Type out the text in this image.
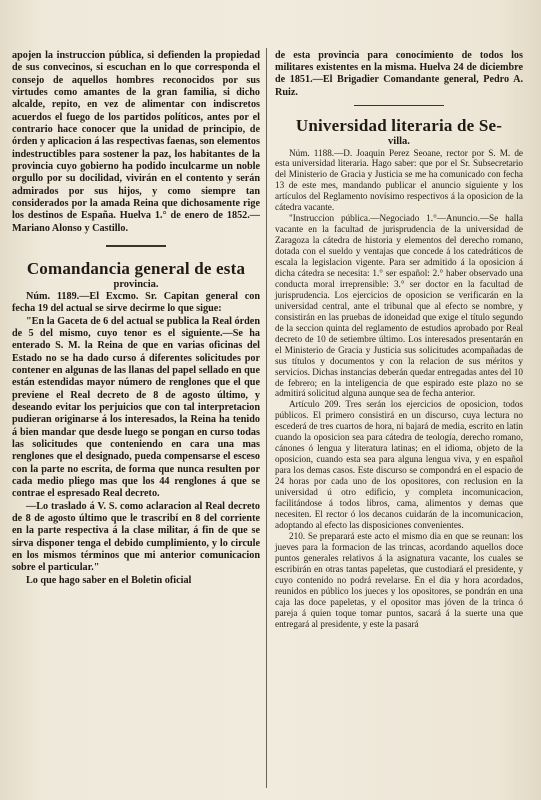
apojen la instruccion pública, si defienden la propiedad de sus convecinos, si escuchan en lo que corresponda el consejo de aquellos hombres reconocidos por sus virtudes como amantes de la gran familia, si dicho alcalde, repito, en vez de alimentar con indiscretos acuerdos el fuego de los partidos políticos, antes por el contrario hace conocer que la unidad de principio, de órden y aplicacion á las respectivas faenas, son elementos indestructibles para sostener la paz, los habitantes de la provincia cuyo gobierno ha podido inculcarme un noble orgullo por su docilidad, vivirán en el contento y serán admirados por sus hijos, y como siempre tan considerados por la amada Reina que dichosamente rige los destinos de España. Huelva 1.° de enero de 1852.—Mariano Alonso y Castillo.

Comandancia general de esta

provincia.

Núm. 1189.—El Excmo. Sr. Capitan general con fecha 19 del actual se sirve decirme lo que sigue:

"En la Gaceta de 6 del actual se publica la Real órden de 5 del mismo, cuyo tenor es el siguiente.—Se ha enterado S. M. la Reina de que en varias oficinas del Estado no se ha dado curso á diferentes solicitudes por contener en algunas de las llanas del papel sellado en que están estendidas mayor número de renglones que el que previene el Real decreto de 8 de agosto último, y deseando evitar los perjuicios que con tal interpretacion pudieran originarse á los interesados, la Reina ha tenido á bien mandar que desde luego se pongan en curso todas las solicitudes que conteniendo en cara una mas renglones que el designado, pueda compensarse el esceso con la parte no escrita, de forma que nunca resulten por cada medio pliego mas que los 44 renglones á que se contrae el espresado Real decreto.

—Lo traslado á V. S. como aclaracion al Real decreto de 8 de agosto último que le trascribí en 8 del corriente en la parte respectiva á la clase militar, á fin de que se sirva disponer tenga el debido cumplimiento, y lo circule en los mismos términos que mi anterior comunicacion sobre el particular."

Lo que hago saber en el Boletin oficial

de esta provincia para conocimiento de todos los militares existentes en la misma. Huelva 24 de diciembre de 1851.—El Brigadier Comandante general, Pedro A. Ruiz.

Universidad literaria de Se-

villa.

Núm. 1188.—D. Joaquin Perez Seoane, rector por S. M. de esta universidad literaria. Hago saber: que por el Sr. Subsecretario del Ministerio de Gracia y Justicia se me ha comunicado con fecha 13 de este mes, mandando publicar el anuncio siguiente y los artículos del Reglamento novísimo respectivos á la oposicion de la cátedra vacante.

"Instruccion pública.—Negociado 1.°—Anuncio.—Se halla vacante en la facultad de jurisprudencia de la universidad de Zaragoza la cátedra de historia y elementos del derecho romano, dotada con el sueldo y ventajas que concede á los catedráticos de escala la legislacion vigente. Para ser admitido á la oposicion á dicha cátedra se necesita: 1.° ser español: 2.° haber observado una conducta moral irreprensible: 3.° ser doctor en la facultad de jurisprudencia. Los ejercicios de oposicion se verificarán en la universidad central, ante el tribunal que al efecto se nombre, y consistirán en las pruebas de idoneidad que exige el título segundo de la seccion quinta del reglamento de estudios aprobado por Real decreto de 10 de setiembre último. Los interesados presentarán en el Ministerio de Gracia y Justicia sus solicitudes acompañadas de sus títulos y documentos y con la relacion de sus méritos y servicios. Dichas instancias deberán quedar entregadas antes del 10 de febrero; en la inteligencia de que espirado este plazo no se admitirá solicitud alguna aunque sea de fecha anterior.

Artículo 209. Tres serán los ejercicios de oposicion, todos públicos. El primero consistirá en un discurso, cuya lectura no escederá de tres cuartos de hora, ni bajará de media, escrito en latin cuando la oposicion sea para cátedra de teología, derecho romano, cánones ó lengua y literatura latinas; en el idioma, objeto de la oposicion, cuando esta sea para alguna lengua viva, y en español para los demas casos. Este discurso se compondrá en el espacio de 24 horas por cada uno de los opositores, con reclusion en la universidad ú otro edificio, y completa incomunicacion, facilitándose á todos libros, cama, alimentos y demas que necesiten. El rector ó los decanos cuidarán de la incomunicacion, adoptando al efecto las disposiciones convenientes.

210. Se preparará este acto el mismo dia en que se reunan: los jueves para la formacion de las trincas, acordando aquellos doce puntos generales relativos á la asignatura vacante, los cuales se escribirán en otras tantas papeletas, que custodiará el presidente, y cuyo contenido no podrá revelarse. En el dia y hora acordados, reunidos en público los jueces y los opositores, se pondrán en una caja las doce papeletas, y el opositor mas jóven de la trinca ó pareja á quien toque tomar puntos, sacará á la suerte una que entregará al presidente, y este la pasará
